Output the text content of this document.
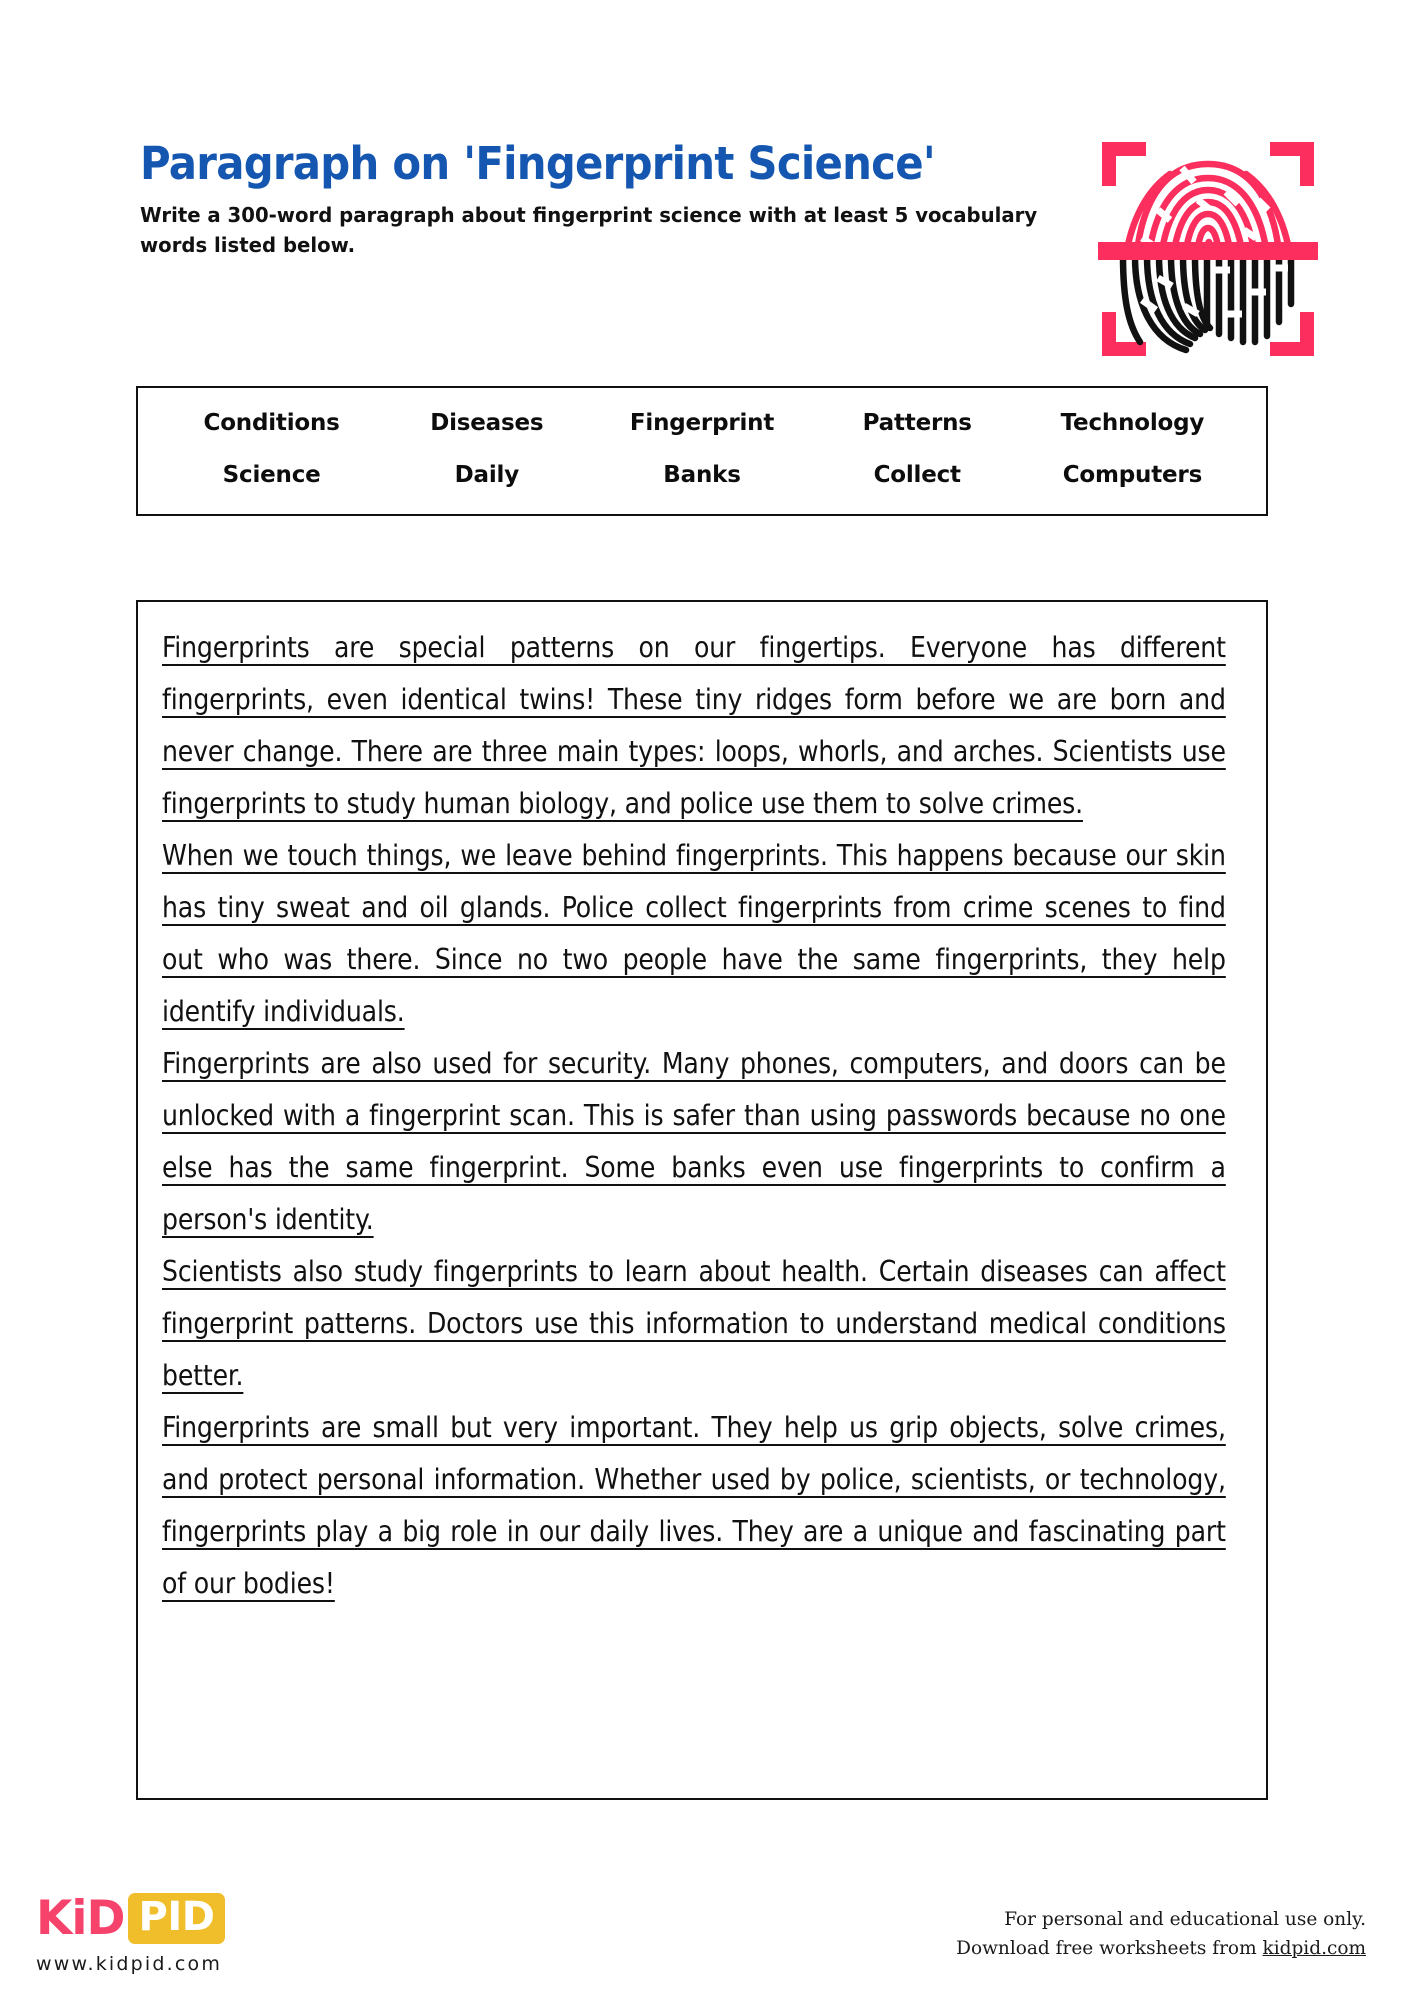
Paragraph on 'Fingerprint Science'

Write a 300-word paragraph about fingerprint science with at least 5 vocabulary words listed below.

Conditions	Diseases	Fingerprint	Patterns	Technology
Science	Daily	Banks	Collect	Computers

Fingerprints are special patterns on our fingertips. Everyone has different fingerprints, even identical twins! These tiny ridges form before we are born and never change. There are three main types: loops, whorls, and arches. Scientists use fingerprints to study human biology, and police use them to solve crimes.

When we touch things, we leave behind fingerprints. This happens because our skin has tiny sweat and oil glands. Police collect fingerprints from crime scenes to find out who was there. Since no two people have the same fingerprints, they help identify individuals.

Fingerprints are also used for security. Many phones, computers, and doors can be unlocked with a fingerprint scan. This is safer than using passwords because no one else has the same fingerprint. Some banks even use fingerprints to confirm a person's identity.

Scientists also study fingerprints to learn about health. Certain diseases can affect fingerprint patterns. Doctors use this information to understand medical conditions better.

Fingerprints are small but very important. They help us grip objects, solve crimes, and protect personal information. Whether used by police, scientists, or technology, fingerprints play a big role in our daily lives. They are a unique and fascinating part of our bodies!

KiD PID
www.kidpid.com
For personal and educational use only.
Download free worksheets from kidpid.com
